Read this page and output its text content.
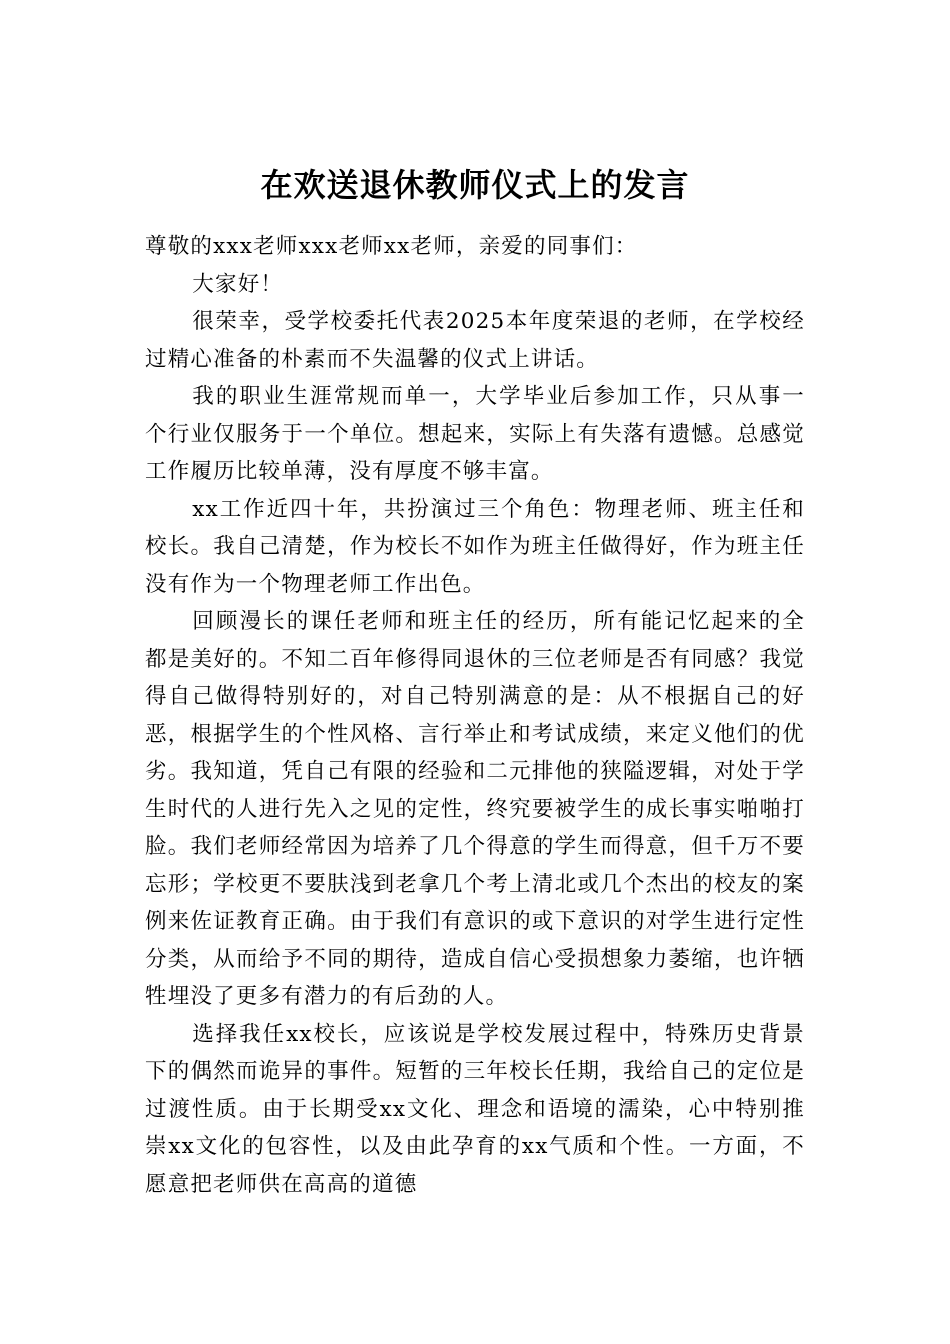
在欢送退休教师仪式上的发言

尊敬的xxx老师xxx老师xx老师，亲爱的同事们：

大家好！

很荣幸，受学校委托代表2025本年度荣退的老师，在学校经过精心准备的朴素而不失温馨的仪式上讲话。

我的职业生涯常规而单一，大学毕业后参加工作，只从事一个行业仅服务于一个单位。想起来，实际上有失落有遗憾。总感觉工作履历比较单薄，没有厚度不够丰富。

xx工作近四十年，共扮演过三个角色：物理老师、班主任和校长。我自己清楚，作为校长不如作为班主任做得好，作为班主任没有作为一个物理老师工作出色。

回顾漫长的课任老师和班主任的经历，所有能记忆起来的全都是美好的。不知二百年修得同退休的三位老师是否有同感？我觉得自己做得特别好的，对自己特别满意的是：从不根据自己的好恶，根据学生的个性风格、言行举止和考试成绩，来定义他们的优劣。我知道，凭自己有限的经验和二元排他的狭隘逻辑，对处于学生时代的人进行先入之见的定性，终究要被学生的成长事实啪啪打脸。我们老师经常因为培养了几个得意的学生而得意，但千万不要忘形；学校更不要肤浅到老拿几个考上清北或几个杰出的校友的案例来佐证教育正确。由于我们有意识的或下意识的对学生进行定性分类，从而给予不同的期待，造成自信心受损想象力萎缩，也许牺牲埋没了更多有潜力的有后劲的人。

选择我任xx校长，应该说是学校发展过程中，特殊历史背景下的偶然而诡异的事件。短暂的三年校长任期，我给自己的定位是过渡性质。由于长期受xx文化、理念和语境的濡染，心中特别推崇xx文化的包容性，以及由此孕育的xx气质和个性。一方面，不愿意把老师供在高高的道德
